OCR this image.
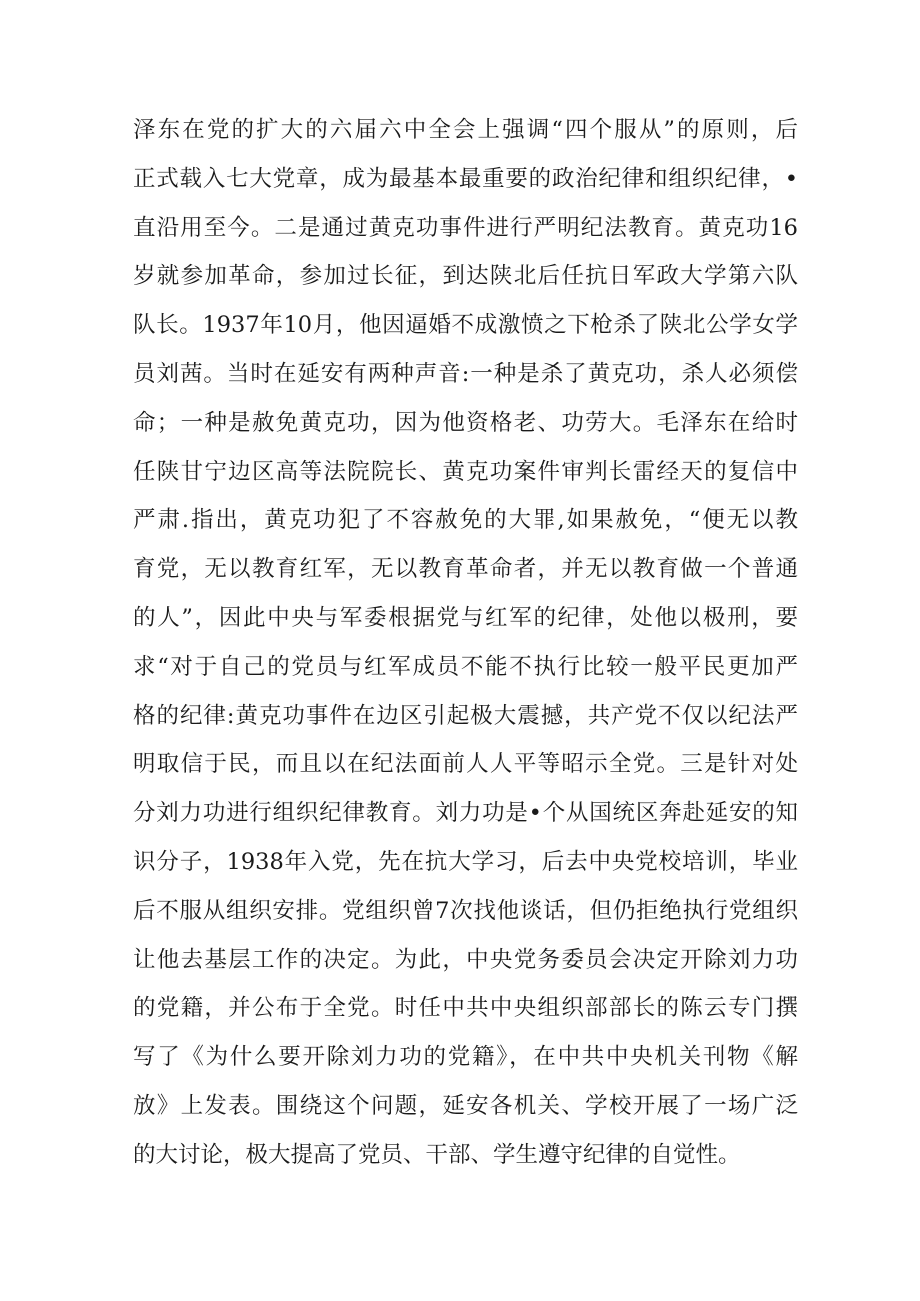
泽东在党的扩大的六届六中全会上强调“四个服从”的原则，后
正式载入七大党章，成为最基本最重要的政治纪律和组织纪律，•
直沿用至今。二是通过黄克功事件进行严明纪法教育。黄克功16
岁就参加革命，参加过长征，到达陕北后任抗日军政大学第六队
队长。1937年10月，他因逼婚不成激愤之下枪杀了陕北公学女学
员刘茜。当时在延安有两种声音:一种是杀了黄克功，杀人必须偿
命；一种是赦免黄克功，因为他资格老、功劳大。毛泽东在给时
任陕甘宁边区高等法院院长、黄克功案件审判长雷经天的复信中
严肃.指出，黄克功犯了不容赦免的大罪,如果赦免，“便无以教
育党，无以教育红军，无以教育革命者，并无以教育做一个普通
的人”，因此中央与军委根据党与红军的纪律，处他以极刑，要
求“对于自己的党员与红军成员不能不执行比较一般平民更加严
格的纪律:黄克功事件在边区引起极大震撼，共产党不仅以纪法严
明取信于民，而且以在纪法面前人人平等昭示全党。三是针对处
分刘力功进行组织纪律教育。刘力功是•个从国统区奔赴延安的知
识分子，1938年入党，先在抗大学习，后去中央党校培训，毕业
后不服从组织安排。党组织曾7次找他谈话，但仍拒绝执行党组织
让他去基层工作的决定。为此，中央党务委员会决定开除刘力功
的党籍，并公布于全党。时任中共中央组织部部长的陈云专门撰
写了《为什么要开除刘力功的党籍》，在中共中央机关刊物《解
放》上发表。围绕这个问题，延安各机关、学校开展了一场广泛
的大讨论，极大提高了党员、干部、学生遵守纪律的自觉性。
